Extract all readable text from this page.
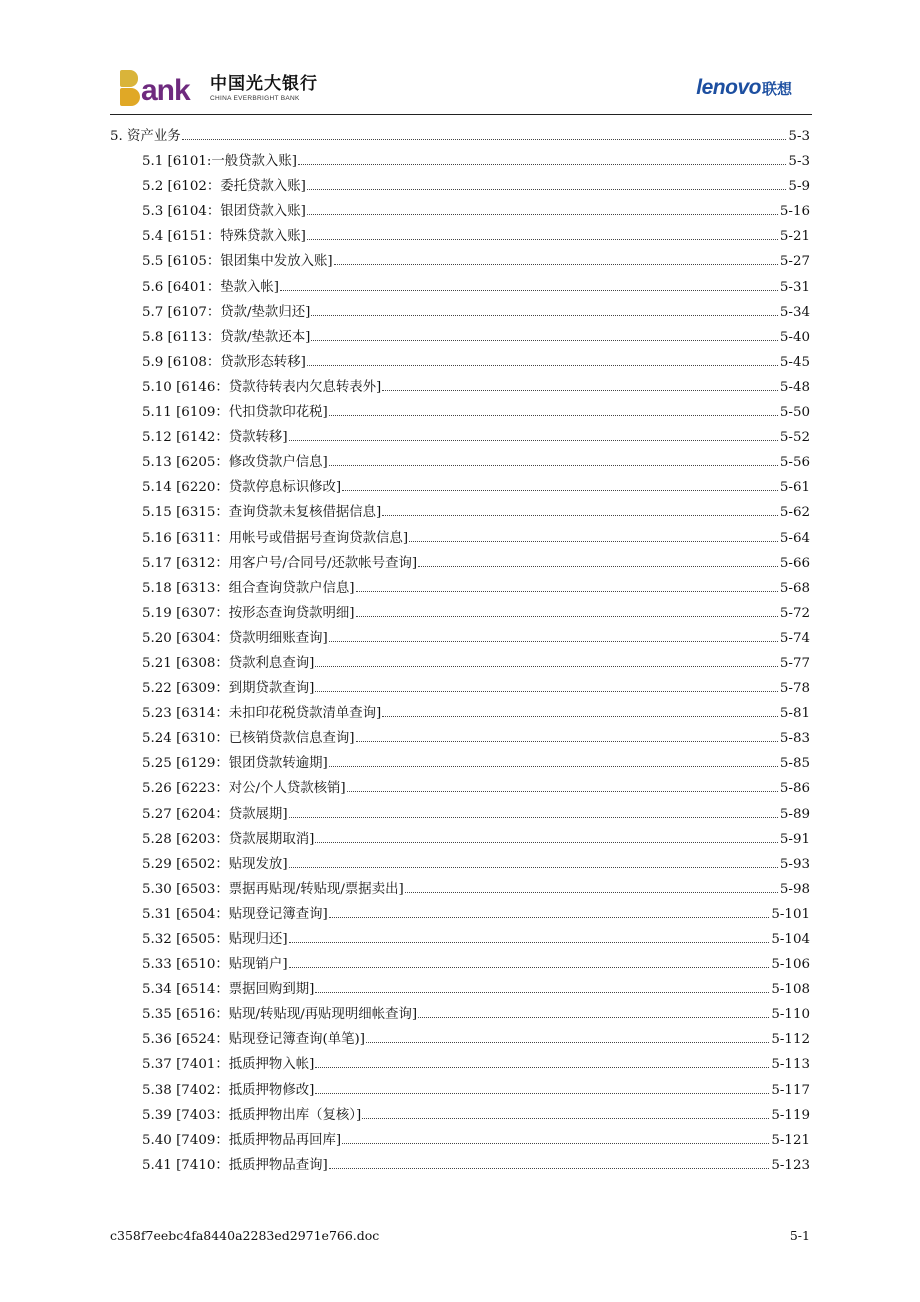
ank 中国光大银行
CHINA EVERBRIGHT BANK	lenovo 联想
5. 资产业务	5-3
5.1 [6101:一般贷款入账]	5-3
5.2 [6102：委托贷款入账]	5-9
5.3 [6104：银团贷款入账]	5-16
5.4 [6151：特殊贷款入账]	5-21
5.5 [6105：银团集中发放入账]	5-27
5.6 [6401：垫款入帐]	5-31
5.7 [6107：贷款/垫款归还]	5-34
5.8 [6113：贷款/垫款还本]	5-40
5.9 [6108：贷款形态转移]	5-45
5.10 [6146：贷款待转表内欠息转表外]	5-48
5.11 [6109：代扣贷款印花税]	5-50
5.12 [6142：贷款转移]	5-52
5.13 [6205：修改贷款户信息]	5-56
5.14 [6220：贷款停息标识修改]	5-61
5.15 [6315：查询贷款未复核借据信息]	5-62
5.16 [6311：用帐号或借据号查询贷款信息]	5-64
5.17 [6312：用客户号/合同号/还款帐号查询]	5-66
5.18 [6313：组合查询贷款户信息]	5-68
5.19 [6307：按形态查询贷款明细]	5-72
5.20 [6304：贷款明细账查询]	5-74
5.21 [6308：贷款利息查询]	5-77
5.22 [6309：到期贷款查询]	5-78
5.23 [6314：未扣印花税贷款清单查询]	5-81
5.24 [6310：已核销贷款信息查询]	5-83
5.25 [6129：银团贷款转逾期]	5-85
5.26 [6223：对公/个人贷款核销]	5-86
5.27 [6204：贷款展期]	5-89
5.28 [6203：贷款展期取消]	5-91
5.29 [6502：贴现发放]	5-93
5.30 [6503：票据再贴现/转贴现/票据卖出]	5-98
5.31 [6504：贴现登记簿查询]	5-101
5.32 [6505：贴现归还]	5-104
5.33 [6510：贴现销户]	5-106
5.34 [6514：票据回购到期]	5-108
5.35 [6516：贴现/转贴现/再贴现明细帐查询]	5-110
5.36 [6524：贴现登记簿查询(单笔)]	5-112
5.37 [7401：抵质押物入帐]	5-113
5.38 [7402：抵质押物修改]	5-117
5.39 [7403：抵质押物出库（复核）]	5-119
5.40 [7409：抵质押物品再回库]	5-121
5.41 [7410：抵质押物品查询]	5-123
c358f7eebc4fa8440a2283ed2971e766.doc	5-1
